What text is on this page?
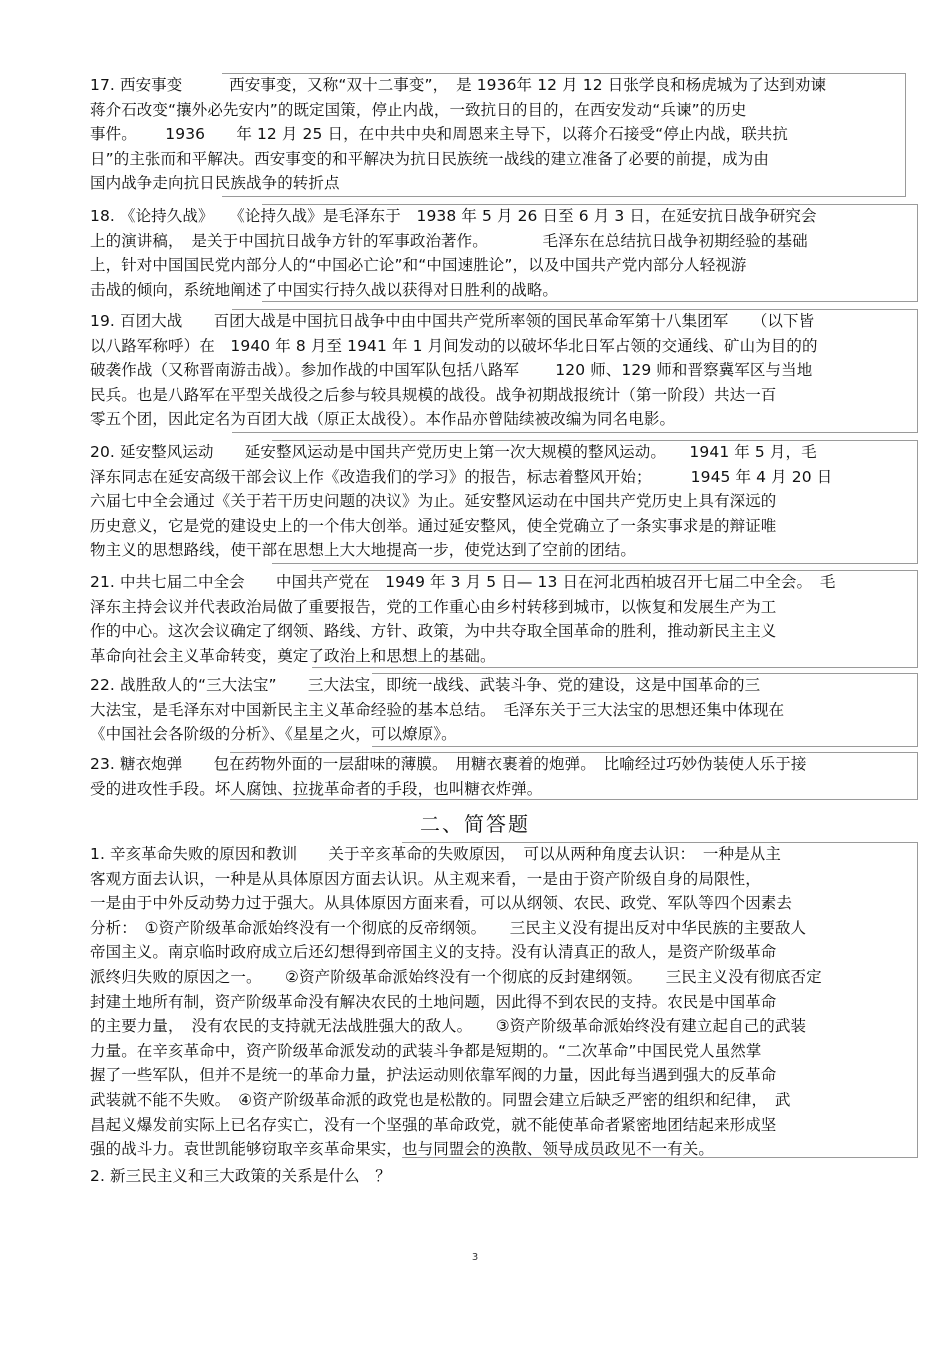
17. 西安事变　　　西安事变，又称“双十二事变”，　是 1936年 12 月 12 日张学良和杨虎城为了达到劝谏
蒋介石改变“攘外必先安内”的既定国策，停止内战，一致抗日的目的，在西安发动“兵谏”的历史
事件。　　 1936　　年 12 月 25 日，在中共中央和周恩来主导下，以蒋介石接受“停止内战，联共抗
日”的主张而和平解决。西安事变的和平解决为抗日民族统一战线的建立准备了必要的前提，成为由
国内战争走向抗日民族战争的转折点
18. 《论持久战》　　《论持久战》是毛泽东于　1938 年 5 月 26 日至 6 月 3 日，在延安抗日战争研究会
上的演讲稿，　是关于中国抗日战争方针的军事政治著作。　　　　毛泽东在总结抗日战争初期经验的基础
上，针对中国国民党内部分人的“中国必亡论”和“中国速胜论”，以及中国共产党内部分人轻视游
击战的倾向，系统地阐述了中国实行持久战以获得对日胜利的战略。
19. 百团大战　　百团大战是中国抗日战争中由中国共产党所率领的国民革命军第十八集团军　　（以下皆
以八路军称呼）在　1940 年 8 月至 1941 年 1 月间发动的以破坏华北日军占领的交通线、矿山为目的的
破袭作战（又称晋南游击战）。参加作战的中国军队包括八路军　　 120 师、129 师和晋察冀军区与当地
民兵。也是八路军在平型关战役之后参与较具规模的战役。战争初期战报统计（第一阶段）共达一百
零五个团，因此定名为百团大战（原正太战役）。本作品亦曾陆续被改编为同名电影。
20. 延安整风运动　　延安整风运动是中国共产党历史上第一次大规模的整风运动。　　1941 年 5 月，毛
泽东同志在延安高级干部会议上作《改造我们的学习》的报告，标志着整风开始；　　　1945 年 4 月 20 日
六届七中全会通过《关于若干历史问题的决议》为止。延安整风运动在中国共产党历史上具有深远的
历史意义，它是党的建设史上的一个伟大创举。通过延安整风，使全党确立了一条实事求是的辩证唯
物主义的思想路线，使干部在思想上大大地提高一步，使党达到了空前的团结。
21. 中共七届二中全会　　中国共产党在　1949 年 3 月 5 日— 13 日在河北西柏坡召开七届二中全会。　毛
泽东主持会议并代表政治局做了重要报告，党的工作重心由乡村转移到城市，以恢复和发展生产为工
作的中心。这次会议确定了纲领、路线、方针、政策，为中共夺取全国革命的胜利，推动新民主主义
革命向社会主义革命转变，奠定了政治上和思想上的基础。
22. 战胜敌人的“三大法宝”　　三大法宝，即统一战线、武装斗争、党的建设，这是中国革命的三
大法宝，是毛泽东对中国新民主主义革命经验的基本总结。　毛泽东关于三大法宝的思想还集中体现在
《中国社会各阶级的分析》、《星星之火，可以燎原》。
23. 糖衣炮弹　　包在药物外面的一层甜味的薄膜。　用糖衣裹着的炮弹。　比喻经过巧妙伪装使人乐于接
受的进攻性手段。坏人腐蚀、拉拢革命者的手段，也叫糖衣炸弹。
二、简答题
1. 辛亥革命失败的原因和教训　　关于辛亥革命的失败原因，　可以从两种角度去认识：　一种是从主
客观方面去认识，一种是从具体原因方面去认识。从主观来看，一是由于资产阶级自身的局限性，
一是由于中外反动势力过于强大。从具体原因方面来看，可以从纲领、农民、政党、军队等四个因素去
分析：　①资产阶级革命派始终没有一个彻底的反帝纲领。　　三民主义没有提出反对中华民族的主要敌人
帝国主义。南京临时政府成立后还幻想得到帝国主义的支持。没有认清真正的敌人，是资产阶级革命
派终归失败的原因之一。　　②资产阶级革命派始终没有一个彻底的反封建纲领。　　三民主义没有彻底否定
封建土地所有制，资产阶级革命没有解决农民的土地问题，因此得不到农民的支持。农民是中国革命
的主要力量，　没有农民的支持就无法战胜强大的敌人。　　③资产阶级革命派始终没有建立起自己的武装
力量。在辛亥革命中，资产阶级革命派发动的武装斗争都是短期的。“二次革命”中国民党人虽然掌
握了一些军队，但并不是统一的革命力量，护法运动则依靠军阀的力量，因此每当遇到强大的反革命
武装就不能不失败。　④资产阶级革命派的政党也是松散的。同盟会建立后缺乏严密的组织和纪律，　武
昌起义爆发前实际上已名存实亡，没有一个坚强的革命政党，就不能使革命者紧密地团结起来形成坚
强的战斗力。袁世凯能够窃取辛亥革命果实，也与同盟会的涣散、领导成员政见不一有关。
2. 新三民主义和三大政策的关系是什么　？
3
